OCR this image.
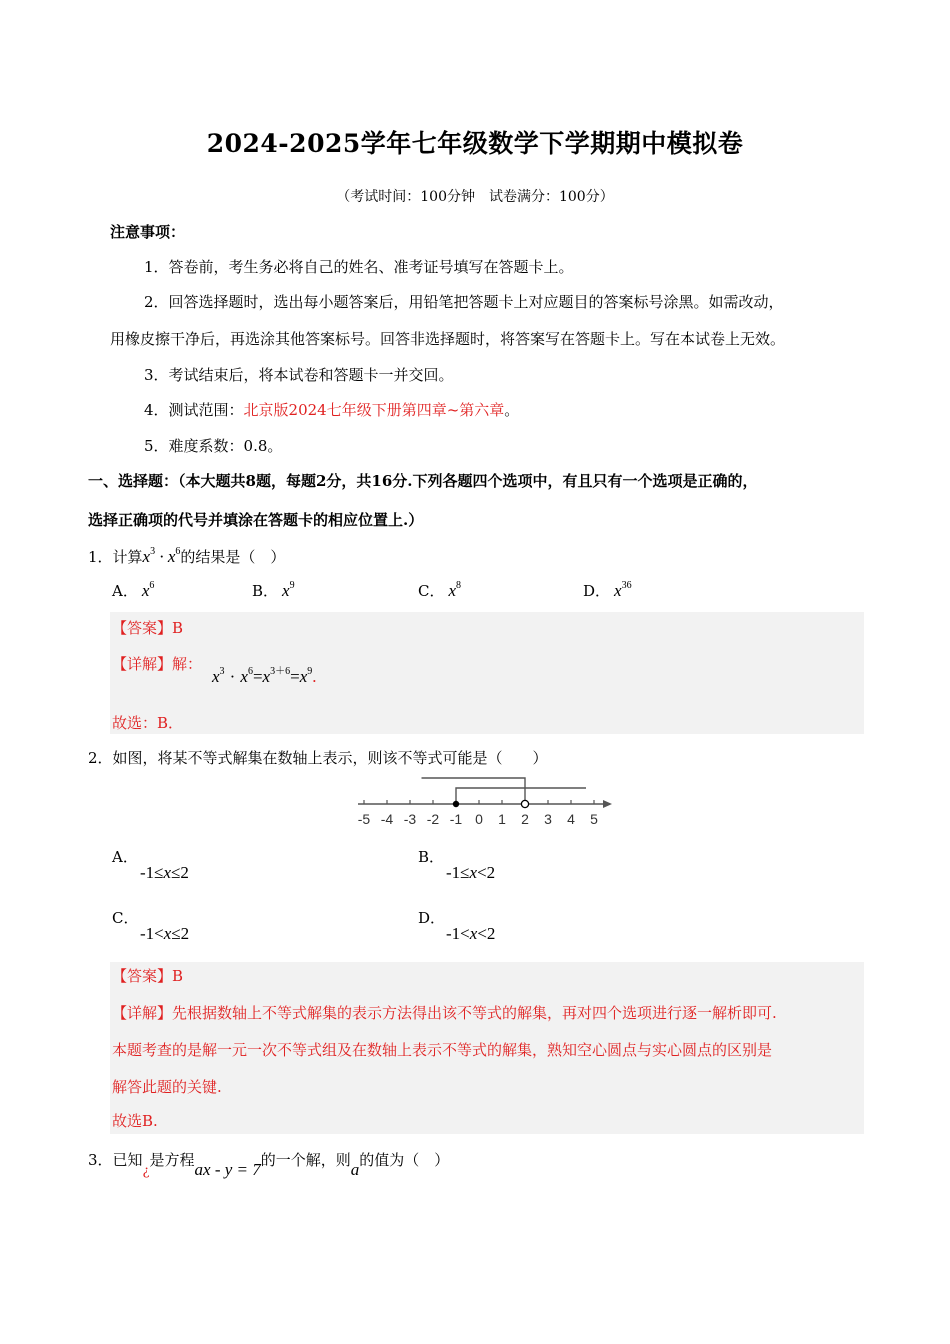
2024-2025学年七年级数学下学期期中模拟卷
（考试时间：100分钟　试卷满分：100分）
注意事项：
1．答卷前，考生务必将自己的姓名、准考证号填写在答题卡上。
2．回答选择题时，选出每小题答案后，用铅笔把答题卡上对应题目的答案标号涂黑。如需改动，
用橡皮擦干净后，再选涂其他答案标号。回答非选择题时，将答案写在答题卡上。写在本试卷上无效。
3．考试结束后，将本试卷和答题卡一并交回。
4．测试范围：北京版2024七年级下册第四章~第六章。
5．难度系数：0.8。
一、选择题：（本大题共8题，每题2分，共16分.下列各题四个选项中，有且只有一个选项是正确的，
选择正确项的代号并填涂在答题卡的相应位置上.）
1．计算$x^3 \cdot x^6$的结果是（　）
A． $x^6$	B． $x^9$	C． $x^8$	D． $x^{36}$
【答案】B
【详解】解：
$x^3 \cdot x^6=x^{3+6}=x^9$.
故选：B．
2．如图，将某不等式解集在数轴上表示，则该不等式可能是（　　）
-5 -4 -3 -2 -1 0 1 2 3 4 5
A．
-1≤x≤2
B．
-1≤x<2
C．
-1<x≤2
D．
-1<x<2
【答案】B
【详解】先根据数轴上不等式解集的表示方法得出该不等式的解集，再对四个选项进行逐一解析即可.
本题考查的是解一元一次不等式组及在数轴上表示不等式的解集，熟知空心圆点与实心圆点的区别是
解答此题的关键.
故选B.
3．已知¿是方程ax - y = 7的一个解，则a的值为（　）
